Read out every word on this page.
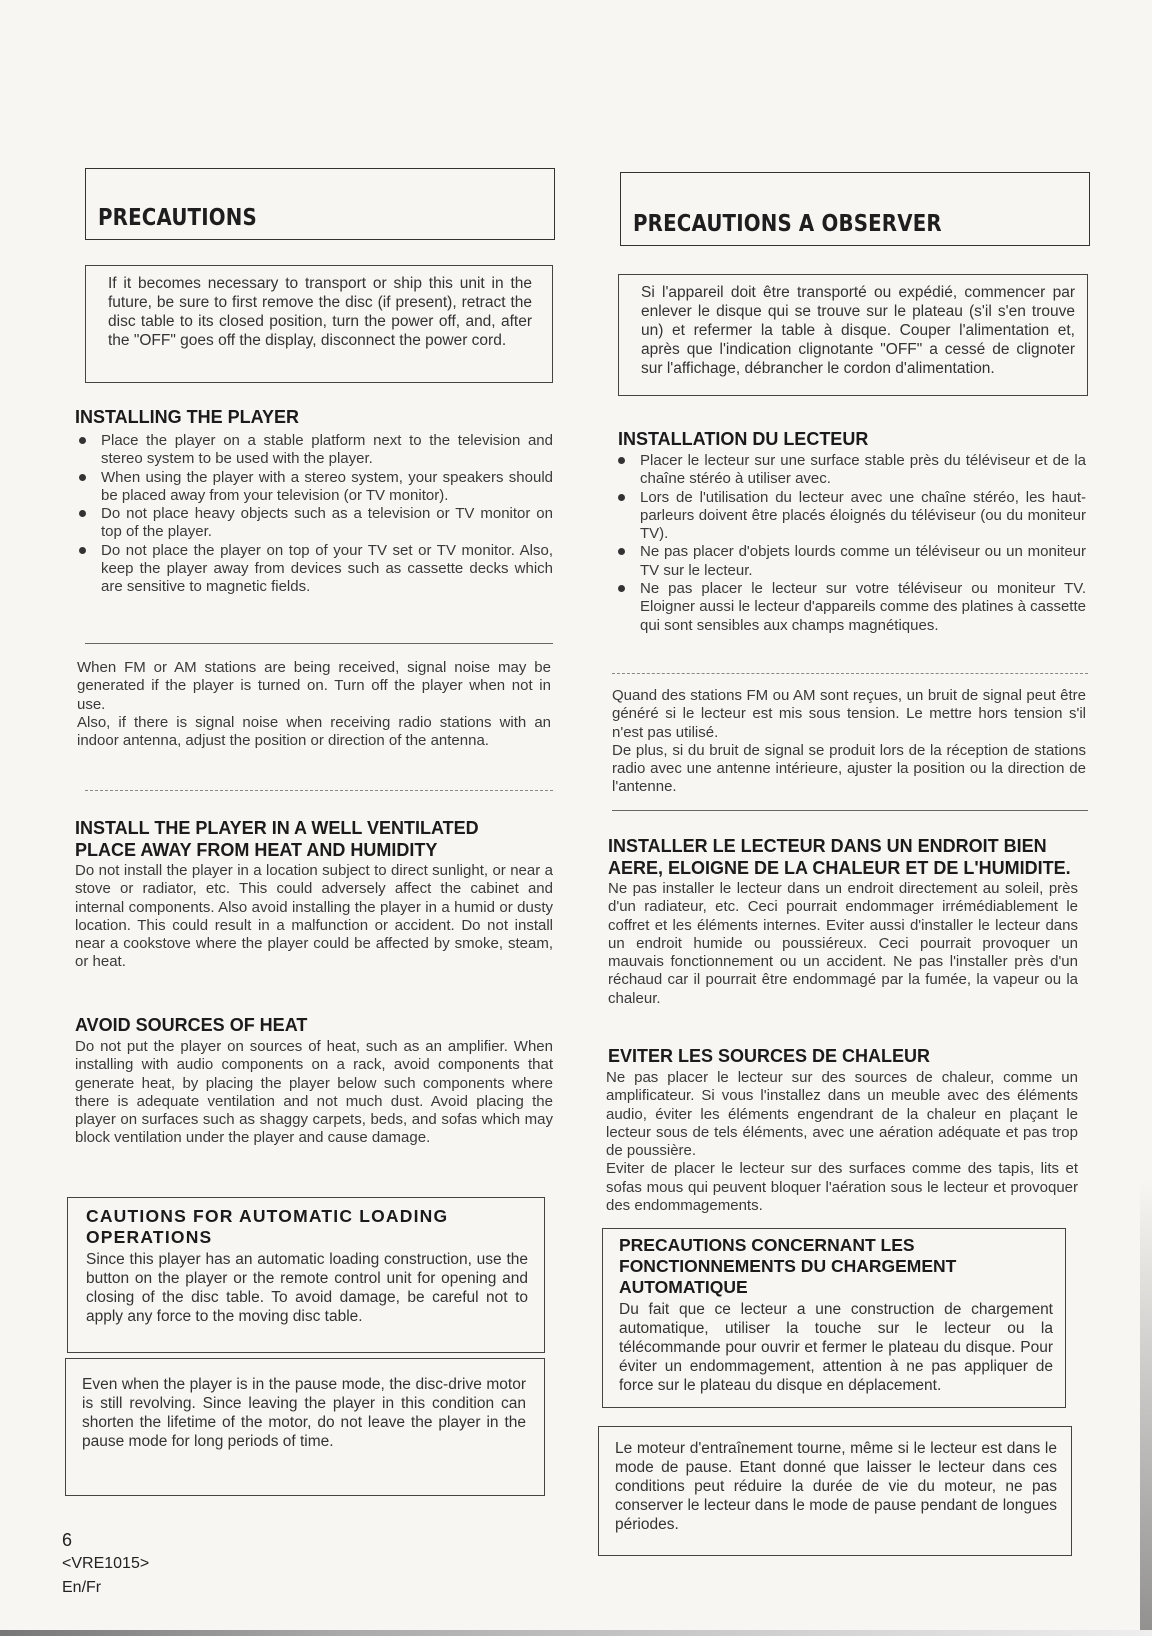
PRECAUTIONS

If it becomes necessary to transport or ship this unit in the future, be sure to first remove the disc (if present), retract the disc table to its closed position, turn the power off, and, after the "OFF" goes off the display, disconnect the power cord.

INSTALLING THE PLAYER
Place the player on a stable platform next to the television and stereo system to be used with the player.
When using the player with a stereo system, your speakers should be placed away from your television (or TV monitor).
Do not place heavy objects such as a television or TV monitor on top of the player.
Do not place the player on top of your TV set or TV monitor. Also, keep the player away from devices such as cassette decks which are sensitive to magnetic fields.

When FM or AM stations are being received, signal noise may be generated if the player is turned on. Turn off the player when not in use.

Also, if there is signal noise when receiving radio stations with an indoor antenna, adjust the position or direction of the antenna.

INSTALL THE PLAYER IN A WELL VENTILATED
PLACE AWAY FROM HEAT AND HUMIDITY
Do not install the player in a location subject to direct sunlight, or near a stove or radiator, etc. This could adversely affect the cabinet and internal components. Also avoid installing the player in a humid or dusty location. This could result in a malfunction or accident. Do not install near a cookstove where the player could be affected by smoke, steam, or heat.
AVOID SOURCES OF HEAT
Do not put the player on sources of heat, such as an amplifier. When installing with audio components on a rack, avoid components that generate heat, by placing the player below such components where there is adequate ventilation and not much dust. Avoid placing the player on surfaces such as shaggy carpets, beds, and sofas which may block ventilation under the player and cause damage.
CAUTIONS FOR AUTOMATIC LOADING
OPERATIONS

Since this player has an automatic loading construction, use the button on the player or the remote control unit for opening and closing of the disc table. To avoid damage, be careful not to apply any force to the moving disc table.

Even when the player is in the pause mode, the disc-drive motor is still revolving. Since leaving the player in this condition can shorten the lifetime of the motor, do not leave the player in the pause mode for long periods of time.

PRECAUTIONS A OBSERVER

Si l'appareil doit être transporté ou expédié, commencer par enlever le disque qui se trouve sur le plateau (s'il s'en trouve un) et refermer la table à disque. Couper l'alimentation et, après que l'indication clignotante "OFF" a cessé de clignoter sur l'affichage, débrancher le cordon d'alimentation.

INSTALLATION DU LECTEUR
Placer le lecteur sur une surface stable près du téléviseur et de la chaîne stéréo à utiliser avec.
Lors de l'utilisation du lecteur avec une chaîne stéréo, les haut-parleurs doivent être placés éloignés du téléviseur (ou du moniteur TV).
Ne pas placer d'objets lourds comme un téléviseur ou un moniteur TV sur le lecteur.
Ne pas placer le lecteur sur votre téléviseur ou moniteur TV. Eloigner aussi le lecteur d'appareils comme des platines à cassette qui sont sensibles aux champs magnétiques.

Quand des stations FM ou AM sont reçues, un bruit de signal peut être généré si le lecteur est mis sous tension. Le mettre hors tension s'il n'est pas utilisé.

De plus, si du bruit de signal se produit lors de la réception de stations radio avec une antenne intérieure, ajuster la position ou la direction de l'antenne.

INSTALLER LE LECTEUR DANS UN ENDROIT BIEN
AERE, ELOIGNE DE LA CHALEUR ET DE L'HUMIDITE.
Ne pas installer le lecteur dans un endroit directement au soleil, près d'un radiateur, etc. Ceci pourrait endommager irrémédiablement le coffret et les éléments internes. Eviter aussi d'installer le lecteur dans un endroit humide ou poussiéreux. Ceci pourrait provoquer un mauvais fonctionnement ou un accident. Ne pas l'installer près d'un réchaud car il pourrait être endommagé par la fumée, la vapeur ou la chaleur.
EVITER LES SOURCES DE CHALEUR

Ne pas placer le lecteur sur des sources de chaleur, comme un amplificateur. Si vous l'installez dans un meuble avec des éléments audio, éviter les éléments engendrant de la chaleur en plaçant le lecteur sous de tels éléments, avec une aération adéquate et pas trop de poussière.

Eviter de placer le lecteur sur des surfaces comme des tapis, lits et sofas mous qui peuvent bloquer l'aération sous le lecteur et provoquer des endommagements.

PRECAUTIONS CONCERNANT LES
FONCTIONNEMENTS DU CHARGEMENT
AUTOMATIQUE

Du fait que ce lecteur a une construction de chargement automatique, utiliser la touche sur le lecteur ou la télécommande pour ouvrir et fermer le plateau du disque. Pour éviter un endommagement, attention à ne pas appliquer de force sur le plateau du disque en déplacement.

Le moteur d'entraînement tourne, même si le lecteur est dans le mode de pause. Etant donné que laisser le lecteur dans ces conditions peut réduire la durée de vie du moteur, ne pas conserver le lecteur dans le mode de pause pendant de longues périodes.

6
<VRE1015>
En/Fr
